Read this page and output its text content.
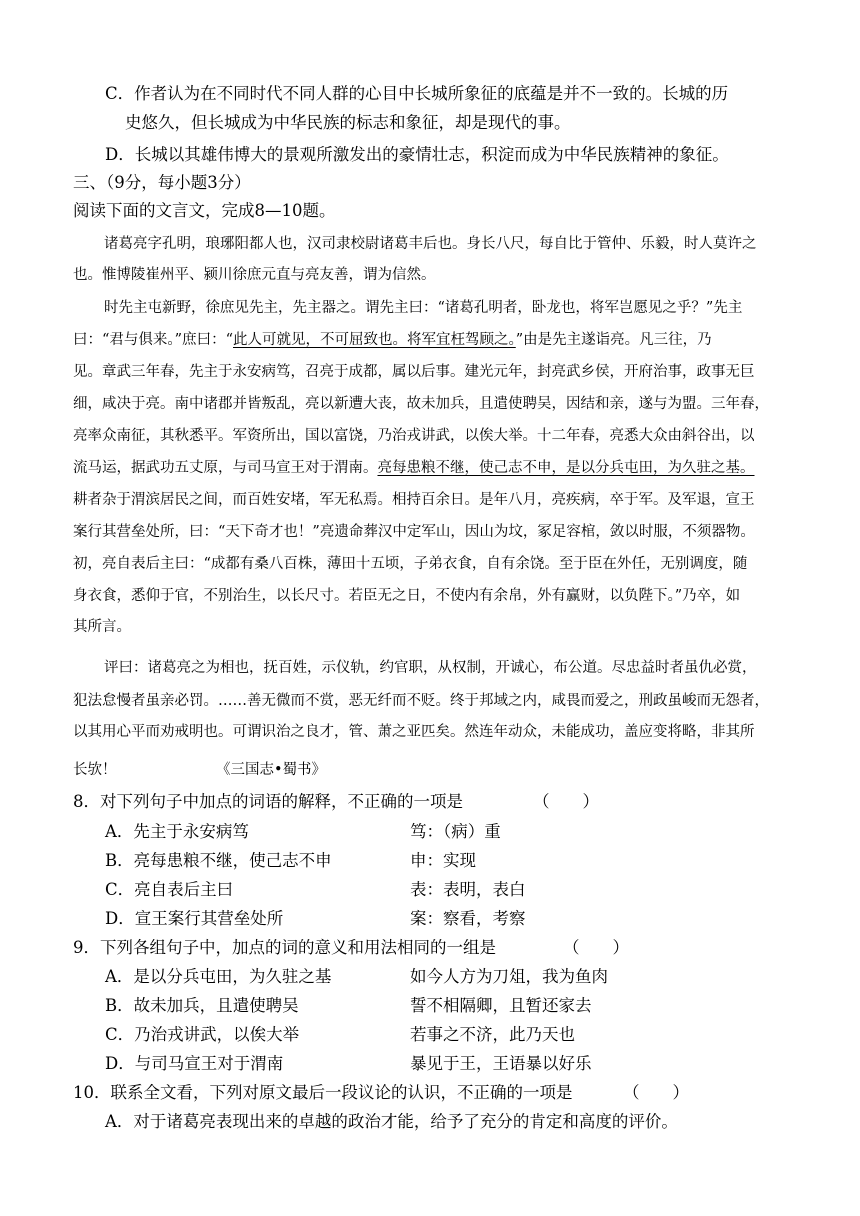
C．作者认为在不同时代不同人群的心目中长城所象征的底蕴是并不一致的。长城的历
史悠久，但长城成为中华民族的标志和象征，却是现代的事。
D．长城以其雄伟博大的景观所激发出的豪情壮志，积淀而成为中华民族精神的象征。
三、（9分，每小题3分）
阅读下面的文言文，完成8—10题。
诸葛亮字孔明，琅琊阳都人也，汉司隶校尉诸葛丰后也。身长八尺，每自比于管仲、乐毅，时人莫许之
也。惟博陵崔州平、颍川徐庶元直与亮友善，谓为信然。
时先主屯新野，徐庶见先主，先主器之。谓先主曰：“诸葛孔明者，卧龙也，将军岂愿见之乎？”先主
曰：“君与俱来。”庶曰：“此人可就见，不可屈致也。将军宜枉驾顾之。”由是先主遂诣亮。凡三往，乃
见。章武三年春，先主于永安病笃，召亮于成都，属以后事。建光元年，封亮武乡侯，开府治事，政事无巨
细，咸决于亮。南中诸郡并皆叛乱，亮以新遭大丧，故未加兵，且遣使聘吴，因结和亲，遂与为盟。三年春，
亮率众南征，其秋悉平。军资所出，国以富饶，乃治戎讲武，以俟大举。十二年春，亮悉大众由斜谷出，以
流马运，据武功五丈原，与司马宣王对于渭南。亮每患粮不继，使己志不申，是以分兵屯田，为久驻之基。
耕者杂于渭滨居民之间，而百姓安堵，军无私焉。相持百余日。是年八月，亮疾病，卒于军。及军退，宣王
案行其营垒处所，曰：“天下奇才也！”亮遗命葬汉中定军山，因山为坟，冢足容棺，敛以时服，不须器物。
初，亮自表后主曰：“成都有桑八百株，薄田十五顷，子弟衣食，自有余饶。至于臣在外任，无别调度，随
身衣食，悉仰于官，不别治生，以长尺寸。若臣无之日，不使内有余帛，外有赢财，以负陛下。”乃卒，如
其所言。
评曰：诸葛亮之为相也，抚百姓，示仪轨，约官职，从权制，开诚心，布公道。尽忠益时者虽仇必赏，
犯法怠慢者虽亲必罚。……善无微而不赏，恶无纤而不贬。终于邦域之内，咸畏而爱之，刑政虽峻而无怨者，
以其用心平而劝戒明也。可谓识治之良才，管、萧之亚匹矣。然连年动众，未能成功，盖应变将略，非其所
长欤！	《三国志•蜀书》
8．对下列句子中加点的词语的解释，不正确的一项是	（　　）
A．先主于永安病笃	笃：（病）重
B．亮每患粮不继，使己志不申	申：实现
C．亮自表后主曰	表：表明，表白
D．宣王案行其营垒处所	案：察看，考察
9．下列各组句子中，加点的词的意义和用法相同的一组是	（　　）
A．是以分兵屯田，为久驻之基	如今人方为刀俎，我为鱼肉
B．故未加兵，且遣使聘吴	誓不相隔卿，且暂还家去
C．乃治戎讲武，以俟大举	若事之不济，此乃天也
D．与司马宣王对于渭南	暴见于王，王语暴以好乐
10．联系全文看，下列对原文最后一段议论的认识，不正确的一项是	（　　）
A．对于诸葛亮表现出来的卓越的政治才能，给予了充分的肯定和高度的评价。
